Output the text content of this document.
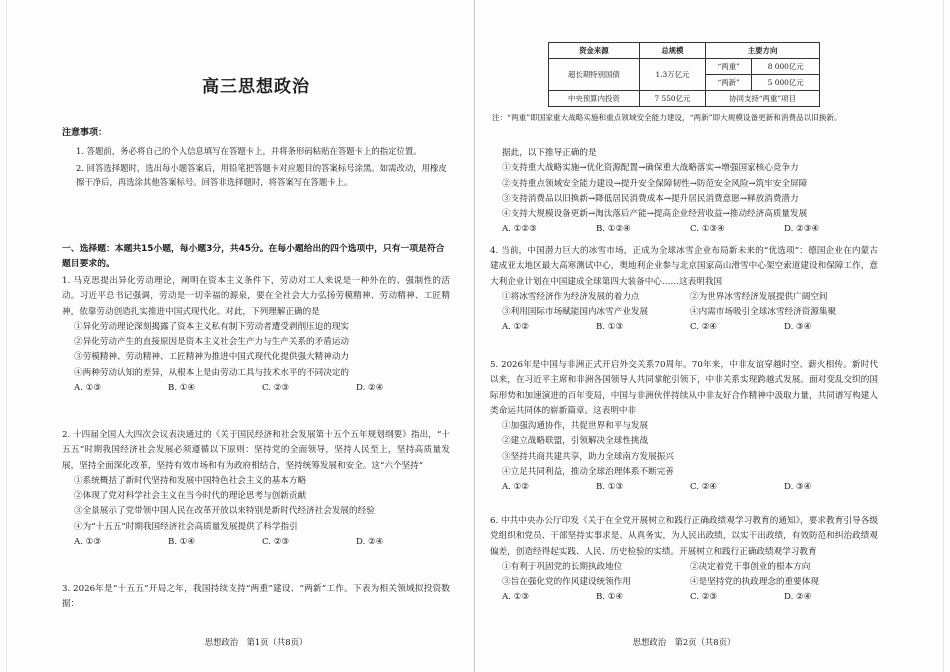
高三思想政治
注意事项：

1. 答题前，务必将自己的个人信息填写在答题卡上，并将条形码粘贴在答题卡上的指定位置。

2. 回答选择题时，选出每小题答案后，用铅笔把答题卡对应题目的答案标号涂黑。如需改动，用橡皮擦干净后，再选涂其他答案标号。回答非选择题时，将答案写在答题卡上。

一、选择题：本题共15小题，每小题3分，共45分。在每小题给出的四个选项中，只有一项是符合题目要求的。
1. 马克思提出异化劳动理论，阐明在资本主义条件下，劳动对工人来说是一种外在的、强制性的活动。习近平总书记强调，劳动是一切幸福的源泉，要在全社会大力弘扬劳模精神、劳动精神、工匠精神，依靠劳动创造扎实推进中国式现代化。对此，下列理解正确的是
①异化劳动理论深刻揭露了资本主义私有制下劳动者遭受剥削压迫的现实
②异化劳动产生的直接原因是资本主义社会生产力与生产关系的矛盾运动
③劳模精神、劳动精神、工匠精神为推进中国式现代化提供强大精神动力
④两种劳动认知的差异，从根本上是由劳动工具与技术水平的不同决定的
A. ①③	B. ①④	C. ②③	D. ②④
2. 十四届全国人大四次会议表决通过的《关于国民经济和社会发展第十五个五年规划纲要》指出，“十五五”时期我国经济社会发展必须遵循以下原则：坚持党的全面领导，坚持人民至上，坚持高质量发展，坚持全面深化改革，坚持有效市场和有为政府相结合，坚持统筹发展和安全。这“六个坚持”
①系统概括了新时代坚持和发展中国特色社会主义的基本方略
②体现了党对科学社会主义在当今时代的理论思考与创新贡献
③全景展示了党带领中国人民在改革开放以来特别是新时代经济社会发展的经验
④为“十五五”时期我国经济社会高质量发展提供了科学指引
A. ①③	B. ①④	C. ②③	D. ②④
3. 2026年是“十五五”开局之年，我国持续支持“两重”建设、“两新”工作。下表为相关领域拟投资数据：
思想政治　第1页（共8页）
资金来源	总规模	主要方向	
超长期特别国债	1.3万亿元	“两重”	8 000亿元
		“两新”	5 000亿元
中央预算内投资	7 550亿元	协同支持“两重”项目	
注：“两重”即国家重大战略实施和重点领域安全能力建设，“两新”即大规模设备更新和消费品以旧换新。
据此，以下推导正确的是
①支持重大战略实施→优化资源配置→确保重大战略落实→增强国家核心竞争力
②支持重点领域安全能力建设→提升安全保障韧性→防范安全风险→筑牢安全屏障
③支持消费品以旧换新→降低居民消费成本→提升居民消费意愿→释放消费潜力
④支持大规模设备更新→淘汰落后产能→提高企业经营收益→推动经济高质量发展
A. ①②③	B. ①②④	C. ①③④	D. ②③④
4. 当前，中国潜力巨大的冰雪市场，正成为全球冰雪企业布局新未来的“优选项”：德国企业在内蒙古建成亚太地区最大高寒测试中心，奥地利企业参与北京国家高山滑雪中心架空索道建设和保障工作，意大利企业计划在中国建成全球第四大装备中心……这表明我国
①将冰雪经济作为经济发展的着力点	②为世界冰雪经济发展提供广阔空间
③利用国际市场赋能国内冰雪产业发展	④内需市场吸引全球冰雪经济资源集聚
A. ①②	B. ①③	C. ②④	D. ③④
5. 2026年是中国与非洲正式开启外交关系70周年。70年来，中非友谊穿越时空、薪火相传。新时代以来，在习近平主席和非洲各国领导人共同掌舵引领下，中非关系实现跨越式发展。面对变乱交织的国际形势和加速演进的百年变局，中国与非洲伙伴持续从中非友好合作精神中汲取力量，共同谱写构建人类命运共同体的崭新篇章。这表明中非
①加强沟通协作，共促世界和平与发展
②建立战略联盟，引领解决全球性挑战
③坚持共商共建共享，助力全球南方发展振兴
④立足共同利益，推动全球治理体系不断完善
A. ①②	B. ①③	C. ②④	D. ③④
6. 中共中央办公厅印发《关于在全党开展树立和践行正确政绩观学习教育的通知》，要求教育引导各级党组织和党员、干部坚持实事求是、从真务实，为人民出政绩，以实干出政绩，有效防范和纠治政绩观偏差，创造经得起实践、人民、历史检验的实绩。开展树立和践行正确政绩观学习教育
①有利于巩固党的长期执政地位	②决定着党干事创业的根本方向
③旨在强化党的作风建设统领作用	④是坚持党的执政理念的重要体现
A. ①③	B. ①④	C. ②③	D. ②④
思想政治　第2页（共8页）
